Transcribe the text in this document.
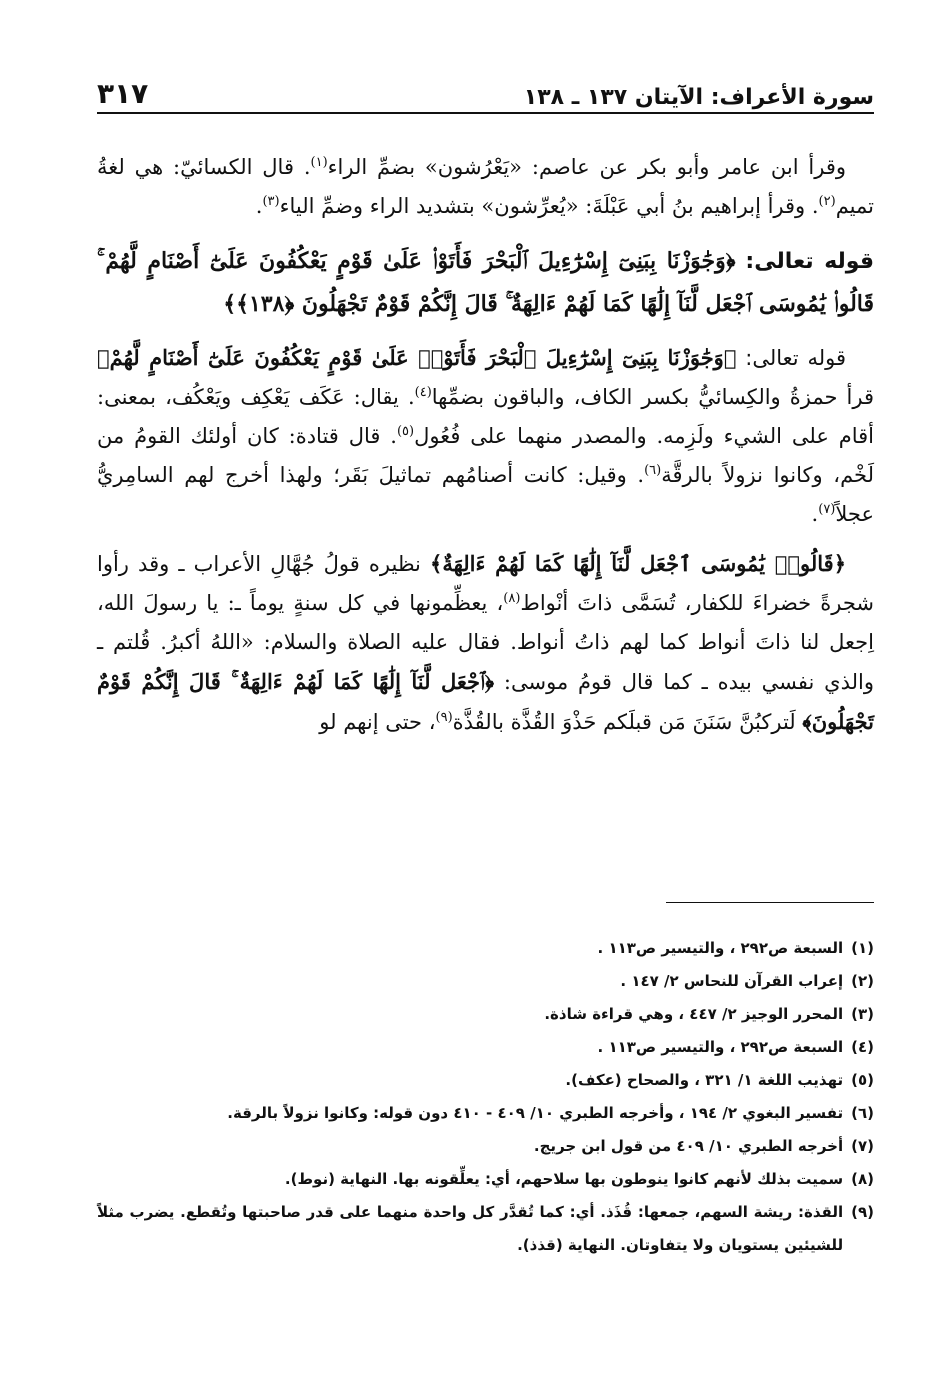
سورة الأعراف: الآيتان ١٣٧ ـ ١٣٨
٣١٧

وقرأ ابن عامر وأبو بكر عن عاصم: «يَعْرُشون» بضمِّ الراء$^{(١)}$. قال الكسائيّ: هي لغةُ تميم$^{(٢)}$. وقرأ إبراهيم بنُ أبي عَبْلَةَ: «يُعرِّشون» بتشديد الراء وضمِّ الياء$^{(٣)}$.

قوله تعالى: ﴿وَجَٰوَزْنَا بِبَنِىٓ إِسْرَٰٓءِيلَ ٱلْبَحْرَ فَأَتَوْا۟ عَلَىٰ قَوْمٍ يَعْكُفُونَ عَلَىٰٓ أَصْنَامٍ لَّهُمْ ۚ قَالُوا۟ يَٰمُوسَى ٱجْعَل لَّنَآ إِلَٰهًا كَمَا لَهُمْ ءَالِهَةٌ ۚ قَالَ إِنَّكُمْ قَوْمٌ تَجْهَلُونَ ﴿١٣٨﴾﴾

قوله تعالى: ﴿وَجَٰوَزْنَا بِبَنِىٓ إِسْرَٰٓءِيلَ ٱلْبَحْرَ فَأَتَوْا۟ عَلَىٰ قَوْمٍ يَعْكُفُونَ عَلَىٰٓ أَصْنَامٍ لَّهُمْ﴾ قرأ حمزةُ والكِسائيُّ بكسر الكاف، والباقون بضمِّها$^{(٤)}$. يقال: عَكَف يَعْكِف ويَعْكُف، بمعنى: أقام على الشيء ولَزِمه. والمصدر منهما على فُعُول$^{(٥)}$. قال قتادة: كان أولئك القومُ من لَخْم، وكانوا نزولاً بالرقَّة$^{(٦)}$. وقيل: كانت أصنامُهم تماثيلَ بَقَر؛ ولهذا أخرج لهم السامِريُّ عجلاً$^{(٧)}$.

﴿قَالُوا۟ يَٰمُوسَى ٱجْعَل لَّنَآ إِلَٰهًا كَمَا لَهُمْ ءَالِهَةٌ﴾ نظيره قولُ جُهَّالِ الأعراب ـ وقد رأوا شجرةً خضراءَ للكفار، تُسَمَّى ذاتَ أنْواط$^{(٨)}$، يعظِّمونها في كل سنةٍ يوماً ـ: يا رسولَ الله، اِجعل لنا ذاتَ أنواط كما لهم ذاتُ أنواط. فقال عليه الصلاة والسلام: «اللهُ أكبرُ. قُلتم ـ والذي نفسي بيده ـ كما قال قومُ موسى: ﴿ٱجْعَل لَّنَآ إِلَٰهًا كَمَا لَهُمْ ءَالِهَةٌ ۚ قَالَ إِنَّكُمْ قَوْمٌ تَجْهَلُونَ﴾ لَتركبُنَّ سَنَنَ مَن قبلَكم حَذْوَ القُذَّة بالقُذَّة$^{(٩)}$، حتى إنهم لو

(١)
السبعة ص٢٩٢ ، والتيسير ص١١٣ .
(٢)
إعراب القرآن للنحاس ٢/ ١٤٧ .
(٣)
المحرر الوجيز ٢/ ٤٤٧ ، وهي قراءة شاذة.
(٤)
السبعة ص٢٩٢ ، والتيسير ص١١٣ .
(٥)
تهذيب اللغة ١/ ٣٢١ ، والصحاح (عكف).
(٦)
تفسير البغوي ٢/ ١٩٤ ، وأخرجه الطبري ١٠/ ٤٠٩ - ٤١٠ دون قوله: وكانوا نزولاً بالرقة.
(٧)
أخرجه الطبري ١٠/ ٤٠٩ من قول ابن جريج.
(٨)
سميت بذلك لأنهم كانوا ينوطون بها سلاحهم، أي: يعلِّقونه بها. النهاية (نوط).
(٩)
القذة: ريشة السهم، جمعها: قُذَذ. أي: كما تُقدَّر كل واحدة منهما على قدر صاحبتها وتُقطع. يضرب مثلاً للشيئين يستويان ولا يتفاوتان. النهاية (قذذ).
